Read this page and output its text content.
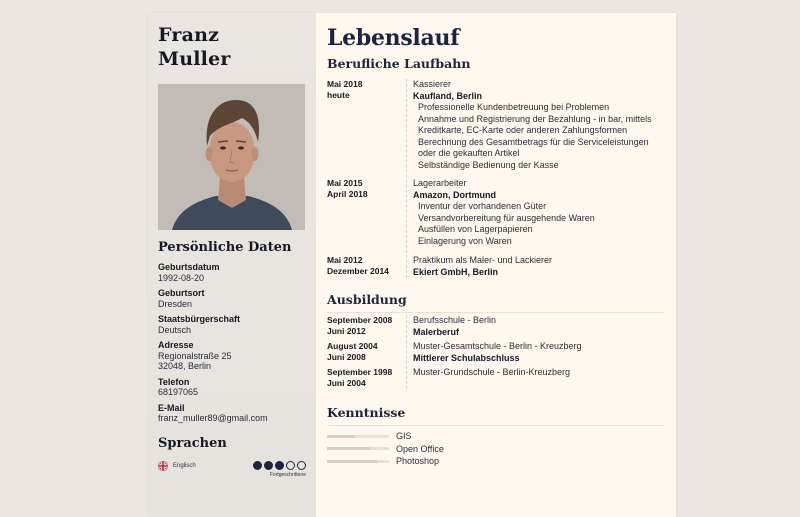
Franz
Muller
Persönliche Daten
Geburtsdatum
1992-08-20
Geburtsort
Dresden
Staatsbürgerschaft
Deutsch
Adresse
Regionalstraße 25
32048, Berlin
Telefon
68197065
E-Mail
franz_muller89@gmail.com
Sprachen
Englisch
Fortgeschrittene
Lebenslauf
Berufliche Laufbahn
Mai 2018
heute
Kassierer
Kaufland, Berlin
Professionelle Kundenbetreuung bei Problemen
Annahme und Registrierung der Bezahlung - in bar, mittels Kreditkarte, EC-Karte oder anderen Zahlungsformen
Berechnung des Gesamtbetrags für die Serviceleistungen oder die gekauften Artikel
Selbständige Bedienung der Kasse
Mai 2015
April 2018
Lagerarbeiter
Amazon, Dortmund
Inventur der vorhandenen Güter
Versandvorbereitung für ausgehende Waren
Ausfüllen von Lagerpapieren
Einlagerung von Waren
Mai 2012
Dezember 2014
Praktikum als Maler- und Lackierer
Ekiert GmbH, Berlin
Ausbildung
September 2008
Juni 2012
Berufsschule - Berlin
Malerberuf
August 2004
Juni 2008
Muster-Gesamtschule - Berlin - Kreuzberg
Mittlerer Schulabschluss
September 1998
Juni 2004
Muster-Grundschule - Berlin-Kreuzberg
Kenntnisse
GIS
Open Office
Photoshop
